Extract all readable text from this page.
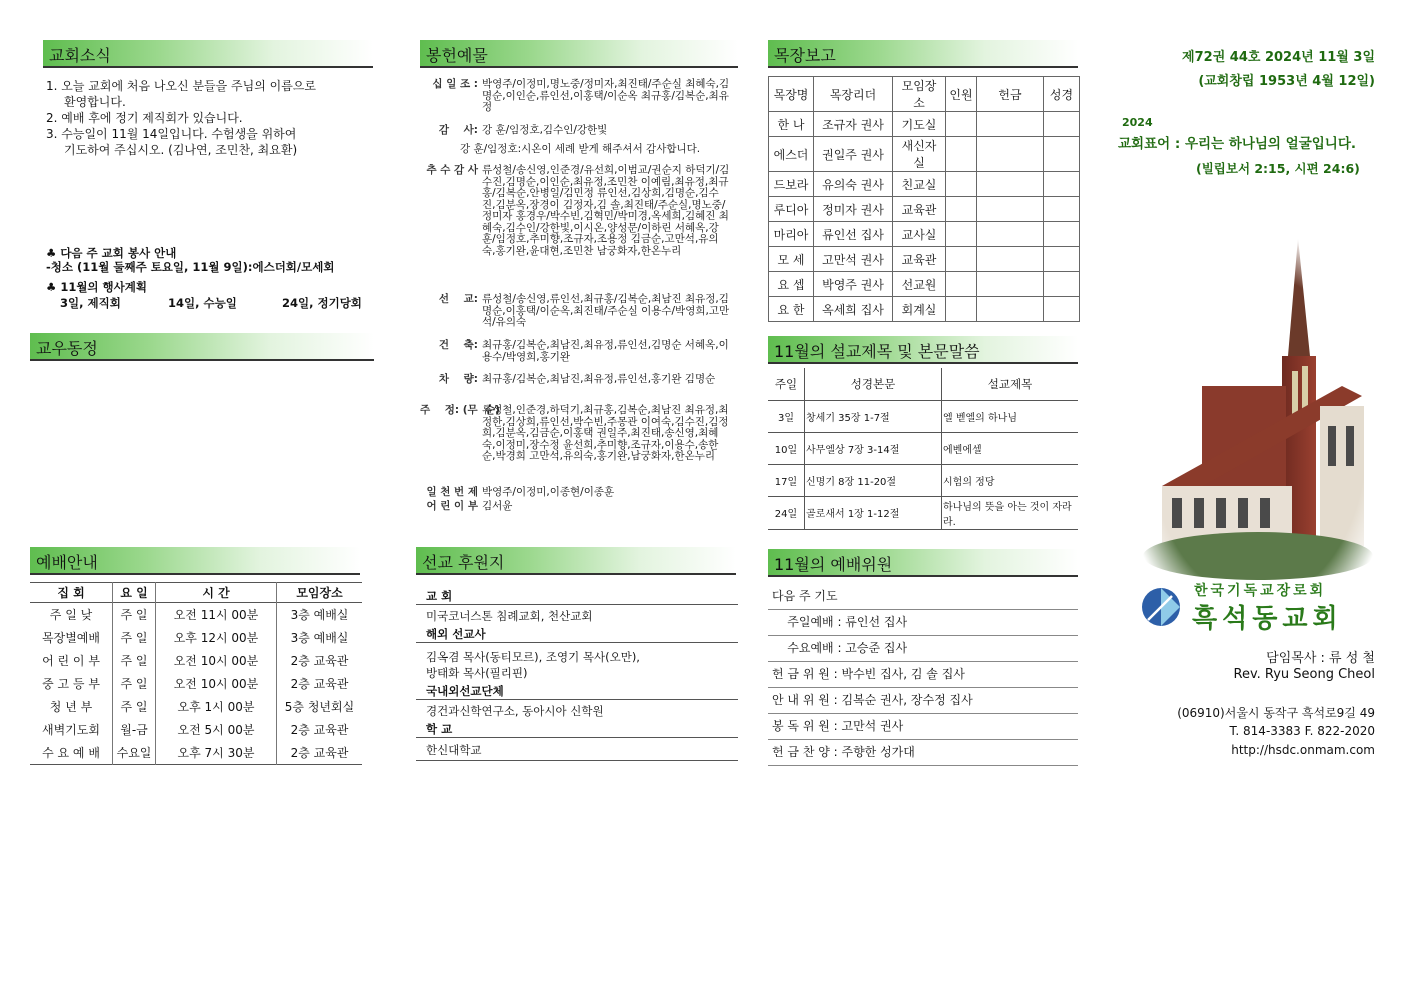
교회소식
1. 오늘 교회에 처음 나오신 분들을 주님의 이름으로
환영합니다.
2. 예배 후에 정기 제직회가 있습니다.
3. 수능일이 11월 14일입니다. 수험생을 위하여
기도하여 주십시오. (김나연, 조민찬, 최요환)
♣ 다음 주 교회 봉사 안내
-청소 (11월 둘째주 토요일, 11월 9일):에스더회/모세회
♣ 11월의 행사계획
3일, 제직회	14일, 수능일	24일, 정기당회
교우동정
예배안내
집 회	요 일	시 간	모임장소
주 일 낮	주 일	오전 11시 00분	3층 예배실
목장별예배	주 일	오후 12시 00분	3층 예배실
어 린 이 부	주 일	오전 10시 00분	2층 교육관
중 고 등 부	주 일	오전 10시 00분	2층 교육관
청 년 부	주 일	오후 1시 00분	5층 청년회실
새벽기도회	월-금	오전 5시 00분	2층 교육관
수 요 예 배	수요일	오후 7시 30분	2층 교육관
봉헌예물
십 일 조 : 박영주/이정미,명노중/정미자,최진태/주순실 최혜숙,김명순,이인순,류인선,이홍택/이순옥 최규홍/김복순,최유정
감    사: 강 훈/임정호,김수인/강한빛
강 훈/임정호:시온이 세례 받게 해주셔서 감사합니다.
추 수 감 사 류성철/송신영,인준경/유선희,이범교/권순지 하덕기/김수진,김명순,이인순,최유정,조민찬 이예림,최유정,최규홍/김복순,안병일/김민정 류인선,김상희,김명순,김수진,김분옥,장경이 김정자,김 솔,최진태/주순실,명노중/정미자 홍경우/박수빈,김혁민/박미경,옥세희,김혜진 최혜숙,김수인/강한빛,이시온,양성문/이하린 서혜옥,강 훈/임정호,추미향,조규자,조용정 김금순,고만석,유의숙,홍기완,윤대현,조민찬 남궁화자,한온누리
선    교: 류성철/송신영,류인선,최규홍/김복순,최남진 최유정,김명순,이홍택/이순옥,최진태/주순실 이용수/박영희,고만석/유의숙
건    축: 최규홍/김복순,최남진,최유정,류인선,김명순 서혜옥,이용수/박영희,홍기완
차    량: 최규홍/김복순,최남진,최유정,류인선,홍기완 김명순
주    정: (무  순)
류성철,인준경,하덕기,최규홍,김복순,최남진 최유정,최정한,김상희,류인선,박수빈,주몽관 이여숙,김수진,김정희,김분옥,김금순,이홍택 권일주,최진태,송신영,최혜숙,이정미,장수정 윤선희,추미향,조규자,이용수,송한순,박경희 고만석,유의숙,홍기완,남궁화자,한온누리
일 천 번 제 박영주/이정미,이종현/이종훈
어 린 이 부 김서윤
선교 후원지
교 회
미국코너스톤 침례교회, 천산교회
해외 선교사
김옥겸 목사(동티모르), 조영기 목사(오만),
방태화 목사(필리핀)
국내외선교단체
경건과신학연구소, 동아시아 신학원
학 교
한신대학교
목장보고
목장명	목장리더	모임장소	인원	헌금	성경
한 나	조규자 권사	기도실			
에스더	권일주 권사	새신자실			
드보라	유의숙 권사	친교실			
루디아	정미자 권사	교육관			
마리아	류인선 집사	교사실			
모 세	고만석 권사	교육관			
요 셉	박영주 권사	선교원			
요 한	옥세희 집사	회계실			
11월의 설교제목 및 본문말씀
주일	성경본문	설교제목
3일	창세기 35장 1-7절	엘 벧엘의 하나님
10일	사무엘상 7장 3-14절	에벤에셀
17일	신명기 8장 11-20절	시험의 정당
24일	골로새서 1장 1-12절	하나님의 뜻을 아는 것이 자라라.
11월의 예배위원
다음 주 기도
주일예배 : 류인선 집사
수요예배 : 고승준 집사
헌 금 위 원 : 박수빈 집사, 김 솔 집사
안 내 위 원 : 김복순 권사, 장수정 집사
봉 독 위 원 : 고만석 권사
헌 금 찬 양 : 주향한 성가대
제72권 44호 2024년 11월 3일
(교회창립 1953년 4월 12일)
2024
교회표어 : 우리는 하나님의 얼굴입니다.
(빌립보서 2:15, 시편 24:6)
한국기독교장로회
흑석동교회
담임목사 : 류 성 철
Rev. Ryu Seong Cheol
(06910)서울시 동작구 흑석로9길 49
T. 814-3383 F. 822-2020
http://hsdc.onmam.com
